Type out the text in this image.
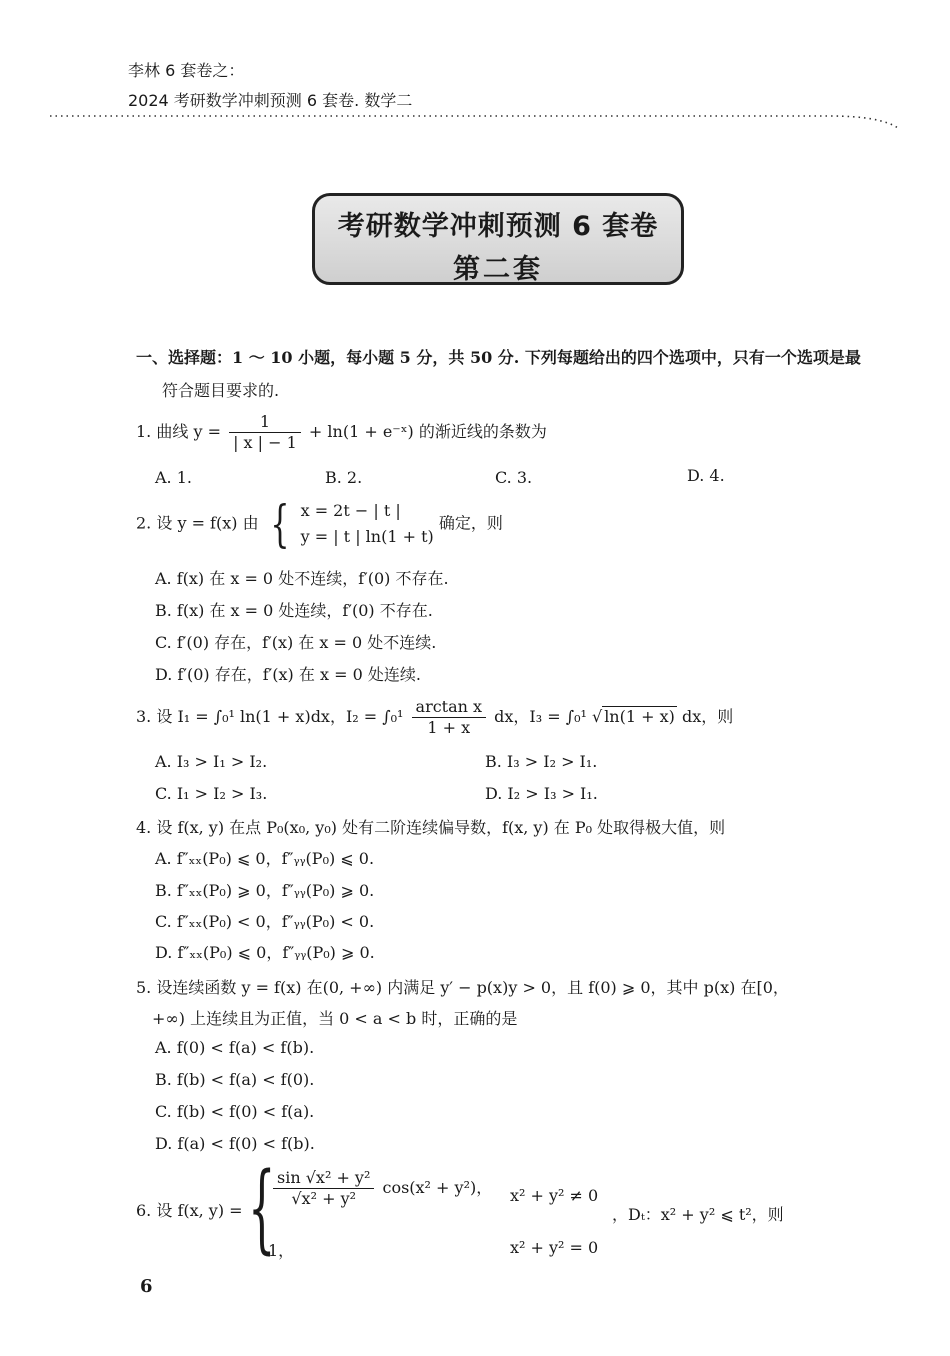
李林 6 套卷之：
2024 考研数学冲刺预测 6 套卷. 数学二
考研数学冲刺预测 6 套卷
第二套
一、选择题：1 ～ 10 小题，每小题 5 分，共 50 分. 下列每题给出的四个选项中，只有一个选项是最
符合题目要求的.
1. 曲线 $y = \frac{1}{| x | - 1} + \ln(1$ + e⁻ˣ) 的渐近线的条数为
A. 1.	B. 2.	C. 3.	D. 4.
2. 设 y = f(x) 由 { x = 2t − | t |
y = | t | ln(1 + t)
确定，则
A. f(x) 在 x = 0 处不连续，f′(0) 不存在.
B. f(x) 在 x = 0 处连续，f′(0) 不存在.
C. f′(0) 存在，f′(x) 在 x = 0 处不连续.
D. f′(0) 存在，f′(x) 在 x = 0 处连续.
3. 设 I₁ = ∫₀¹ ln(1 + x)dx，$I_2 = \int_0^1 \frac{\text{arctan x}}{1 + x}$ dx，I₃ = ∫₀¹ √ ln(1 + x) dx，则
A. I₃ > I₁ > I₂.	B. I₃ > I₂ > I₁.
C. I₁ > I₂ > I₃.	D. I₂ > I₃ > I₁.
4. 设 f(x, y) 在点 P₀(x₀, y₀) 处有二阶连续偏导数，f(x, y) 在 P₀ 处取得极大值，则
A. f″ₓₓ(P₀) ⩽ 0，f″ᵧᵧ(P₀) ⩽ 0.
B. f″ₓₓ(P₀) ⩾ 0，f″ᵧᵧ(P₀) ⩾ 0.
C. f″ₓₓ(P₀) < 0，f″ᵧᵧ(P₀) < 0.
D. f″ₓₓ(P₀) ⩽ 0，f″ᵧᵧ(P₀) ⩾ 0.
5. 设连续函数 y = f(x) 在(0, +∞) 内满足 y′ − p(x)y > 0，且 f(0) ⩾ 0，其中 p(x) 在[0，
+∞) 上连续且为正值，当 0 < a < b 时，正确的是
A. f(0) < f(a) < f(b).
B. f(b) < f(a) < f(0).
C. f(b) < f(0) < f(a).
D. f(a) < f(0) < f(b).
6. 设 f(x, y) = {
$\frac{\text{sin √x² + y²}}{\text{√x² + y²}} \cos(x^2 + y^2)$， x² + y² ≠ 0
，Dₜ：x² + y² ⩽ t²，则
1，	x² + y² = 0
6
